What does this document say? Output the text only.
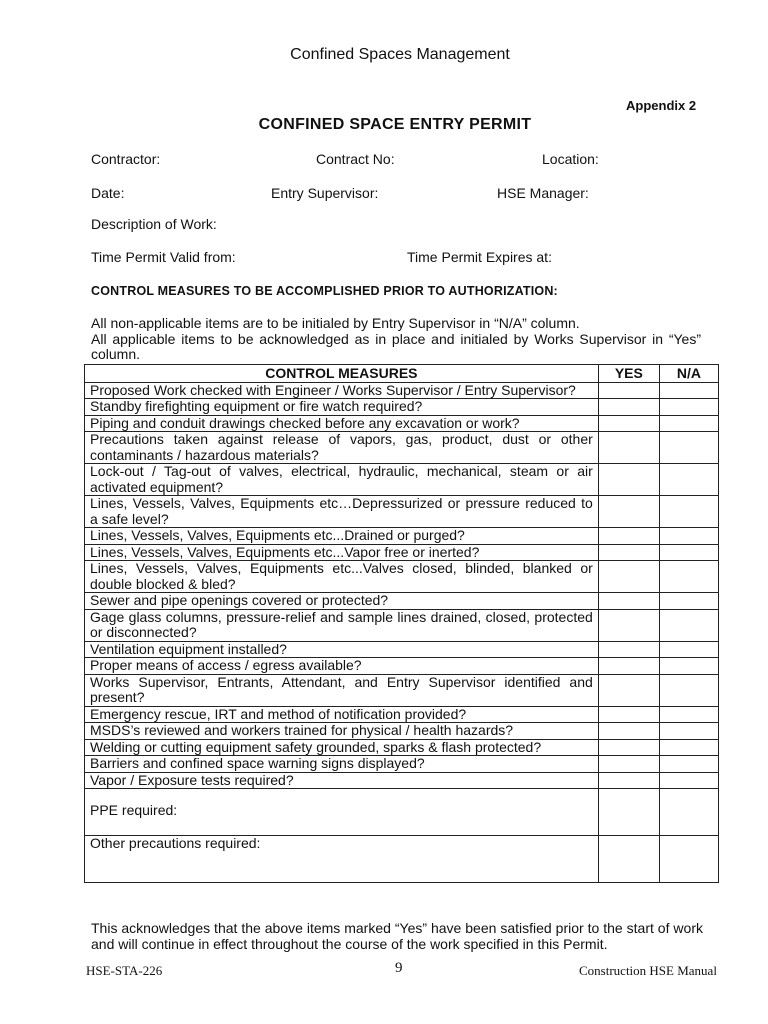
Confined Spaces Management
Appendix 2
CONFINED SPACE ENTRY PERMIT
Contractor:	Contract No:	Location:
Date:	Entry Supervisor:	HSE Manager:
Description of Work:
Time Permit Valid from:	Time Permit Expires at:
CONTROL MEASURES TO BE ACCOMPLISHED PRIOR TO AUTHORIZATION:
All non-applicable items are to be initialed by Entry Supervisor in “N/A” column.
All applicable items to be acknowledged as in place and initialed by Works Supervisor in “Yes” column.
CONTROL MEASURES	YES	N/A
Proposed Work checked with Engineer / Works Supervisor / Entry Supervisor?		
Standby firefighting equipment or fire watch required?		
Piping and conduit drawings checked before any excavation or work?		
Precautions taken against release of vapors, gas, product, dust or other contaminants / hazardous materials?		
Lock-out / Tag-out of valves, electrical, hydraulic, mechanical, steam or air activated equipment?		
Lines, Vessels, Valves, Equipments etc…Depressurized or pressure reduced to a safe level?		
Lines, Vessels, Valves, Equipments etc...Drained or purged?		
Lines, Vessels, Valves, Equipments etc...Vapor free or inerted?		
Lines, Vessels, Valves, Equipments etc...Valves closed, blinded, blanked or double blocked & bled?		
Sewer and pipe openings covered or protected?		
Gage glass columns, pressure-relief and sample lines drained, closed, protected or disconnected?		
Ventilation equipment installed?		
Proper means of access / egress available?		
Works Supervisor, Entrants, Attendant, and Entry Supervisor identified and present?		
Emergency rescue, IRT and method of notification provided?		
MSDS’s reviewed and workers trained for physical / health hazards?		
Welding or cutting equipment safety grounded, sparks & flash protected?		
Barriers and confined space warning signs displayed?		
Vapor / Exposure tests required?		
PPE required:		
Other precautions required:		
This acknowledges that the above items marked “Yes” have been satisfied prior to the start of work and will continue in effect throughout the course of the work specified in this Permit.
HSE-STA-226	9	Construction HSE Manual
